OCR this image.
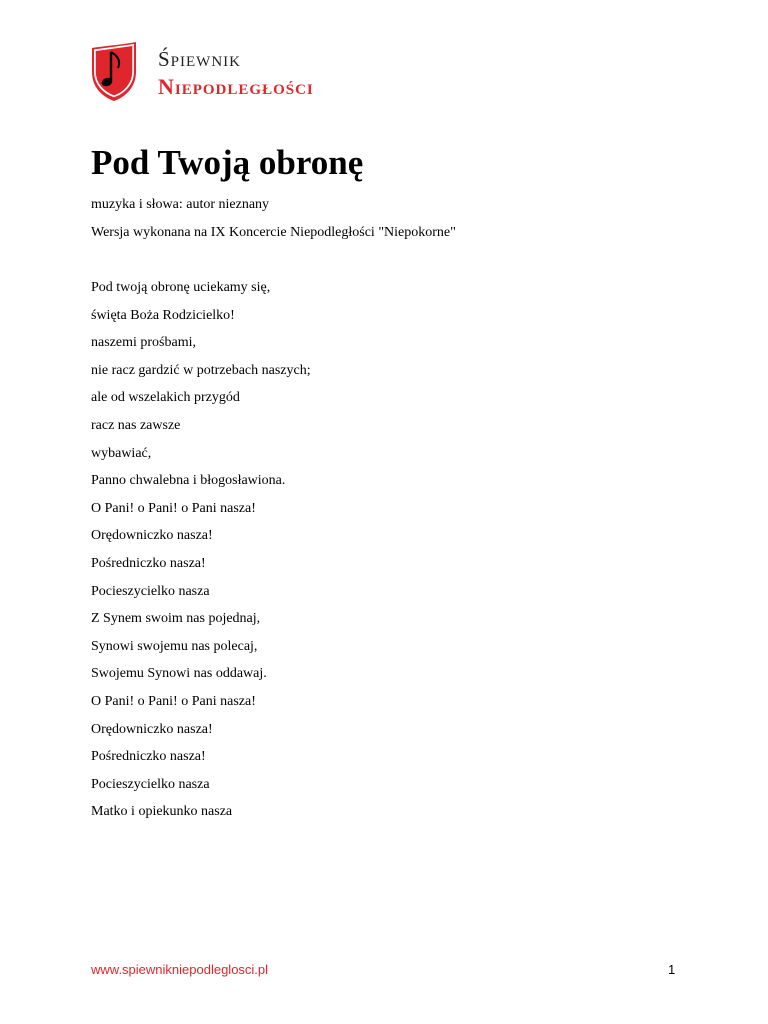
Śpiewnik
Niepodległości
Pod Twoją obronę

muzyka i słowa: autor nieznany

Wersja wykonana na IX Koncercie Niepodległości "Niepokorne"

Pod twoją obronę uciekamy się,
święta Boża Rodzicielko!
naszemi prośbami,
nie racz gardzić w potrzebach naszych;
ale od wszelakich przygód
racz nas zawsze
wybawiać,
Panno chwalebna i błogosławiona.
O Pani! o Pani! o Pani nasza!
Orędowniczko nasza!
Pośredniczko nasza!
Pocieszycielko nasza
Z Synem swoim nas pojednaj,
Synowi swojemu nas polecaj,
Swojemu Synowi nas oddawaj.
O Pani! o Pani! o Pani nasza!
Orędowniczko nasza!
Pośredniczko nasza!
Pocieszycielko nasza
Matko i opiekunko nasza
www.spiewnikniepodleglosci.pl	1
